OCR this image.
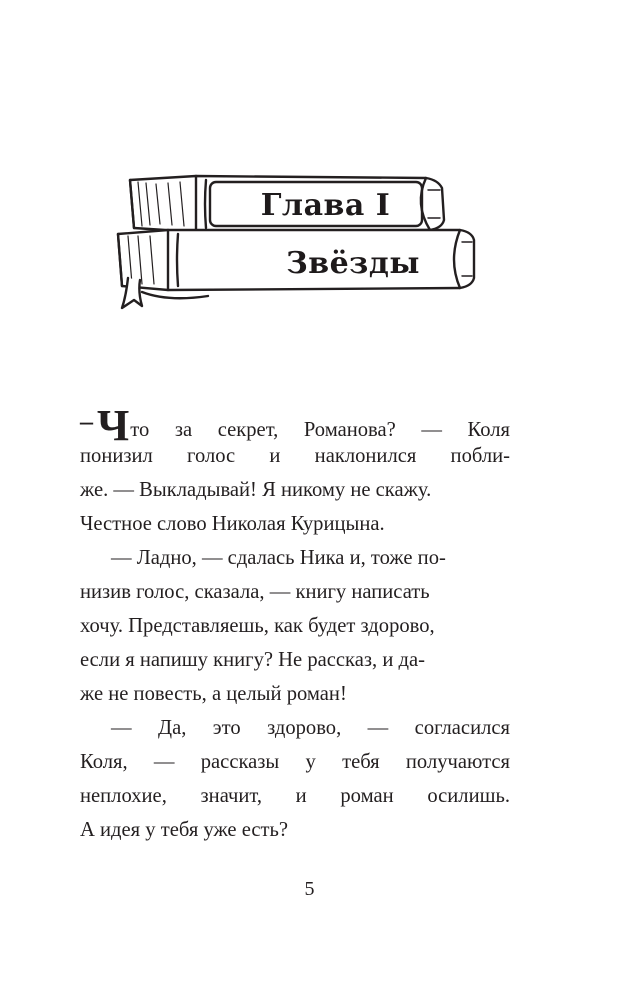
Глава I
Звёзды
– Что за секрет, Романова? — Коля
понизил голос и наклонился побли-
же. — Выкладывай! Я никому не скажу.
Честное слово Николая Курицына.
— Ладно, — сдалась Ника и, тоже по-
низив голос, сказала, — книгу написать
хочу. Представляешь, как будет здорово,
если я напишу книгу? Не рассказ, и да-
же не повесть, а целый роман!
— Да, это здорово, — согласился
Коля, — рассказы у тебя получаются
неплохие, значит, и роман осилишь.
А идея у тебя уже есть?
5
